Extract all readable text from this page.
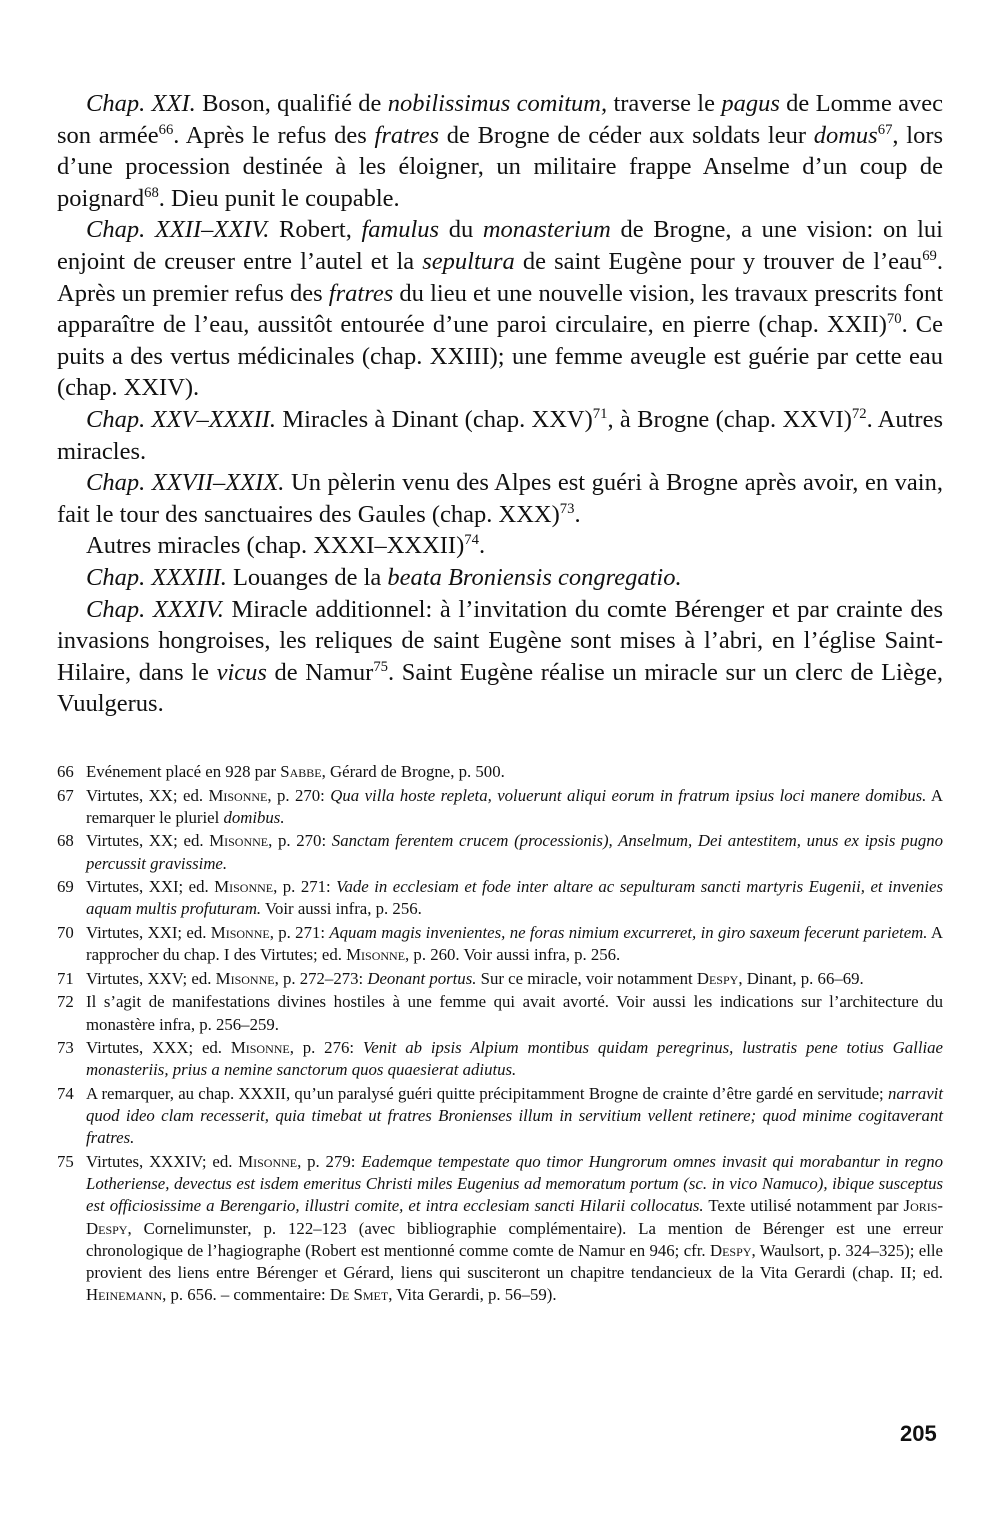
Chap. XXI. Boson, qualifié de nobilissimus comitum, traverse le pagus de Lomme avec son armée$^{66}$. Après le refus des fratres de Brogne de céder aux soldats leur domus$^{67}$, lors d’une procession destinée à les éloigner, un militaire frappe Anselme d’un coup de poignard$^{68}$. Dieu punit le coupable.

Chap. XXII–XXIV. Robert, famulus du monasterium de Brogne, a une vision: on lui enjoint de creuser entre l’autel et la sepultura de saint Eugène pour y trouver de l’eau$^{69}$. Après un premier refus des fratres du lieu et une nouvelle vision, les travaux prescrits font apparaître de l’eau, aussitôt entourée d’une paroi circulaire, en pierre (chap. XXII)$^{70}$. Ce puits a des vertus médicinales (chap. XXIII); une femme aveugle est guérie par cette eau (chap. XXIV).

Chap. XXV–XXXII. Miracles à Dinant (chap. XXV)$^{71}$, à Brogne (chap. XXVI)$^{72}$. Autres miracles.

Chap. XXVII–XXIX. Un pèlerin venu des Alpes est guéri à Brogne après avoir, en vain, fait le tour des sanctuaires des Gaules (chap. XXX)$^{73}$.

Autres miracles (chap. XXXI–XXXII)$^{74}$.

Chap. XXXIII. Louanges de la beata Broniensis congregatio.

Chap. XXXIV. Miracle additionnel: à l’invitation du comte Bérenger et par crainte des invasions hongroises, les reliques de saint Eugène sont mises à l’abri, en l’église Saint-Hilaire, dans le vicus de Namur$^{75}$. Saint Eugène réalise un miracle sur un clerc de Liège, Vuulgerus.

66 Evénement placé en 928 par Sabbe, Gérard de Brogne, p. 500.
67 Virtutes, XX; ed. Misonne, p. 270: Qua villa hoste repleta, voluerunt aliqui eorum in fratrum ipsius loci manere domibus. A remarquer le pluriel domibus.
68 Virtutes, XX; ed. Misonne, p. 270: Sanctam ferentem crucem (processionis), Anselmum, Dei antestitem, unus ex ipsis pugno percussit gravissime.
69 Virtutes, XXI; ed. Misonne, p. 271: Vade in ecclesiam et fode inter altare ac sepulturam sancti martyris Eugenii, et invenies aquam multis profuturam. Voir aussi infra, p. 256.
70 Virtutes, XXI; ed. Misonne, p. 271: Aquam magis invenientes, ne foras nimium excurreret, in giro saxeum fecerunt parietem. A rapprocher du chap. I des Virtutes; ed. Misonne, p. 260. Voir aussi infra, p. 256.
71 Virtutes, XXV; ed. Misonne, p. 272–273: Deonant portus. Sur ce miracle, voir notamment Despy, Dinant, p. 66–69.
72 Il s’agit de manifestations divines hostiles à une femme qui avait avorté. Voir aussi les indications sur l’architecture du monastère infra, p. 256–259.
73 Virtutes, XXX; ed. Misonne, p. 276: Venit ab ipsis Alpium montibus quidam peregrinus, lustratis pene totius Galliae monasteriis, prius a nemine sanctorum quos quaesierat adiutus.
74 A remarquer, au chap. XXXII, qu’un paralysé guéri quitte précipitamment Brogne de crainte d’être gardé en servitude; narravit quod ideo clam recesserit, quia timebat ut fratres Bronienses illum in servitium vellent retinere; quod minime cogitaverant fratres.
75 Virtutes, XXXIV; ed. Misonne, p. 279: Eademque tempestate quo timor Hungrorum omnes invasit qui morabantur in regno Lotheriense, devectus est isdem emeritus Christi miles Eugenius ad memoratum portum (sc. in vico Namuco), ibique susceptus est officiosissime a Berengario, illustri comite, et intra ecclesiam sancti Hilarii collocatus. Texte utilisé notamment par Joris-Despy, Cornelimunster, p. 122–123 (avec bibliographie complémentaire). La mention de Bérenger est une erreur chronologique de l’hagiographe (Robert est mentionné comme comte de Namur en 946; cfr. Despy, Waulsort, p. 324–325); elle provient des liens entre Bérenger et Gérard, liens qui susciteront un chapitre tendancieux de la Vita Gerardi (chap. II; ed. Heinemann, p. 656. – commentaire: De Smet, Vita Gerardi, p. 56–59).
205
